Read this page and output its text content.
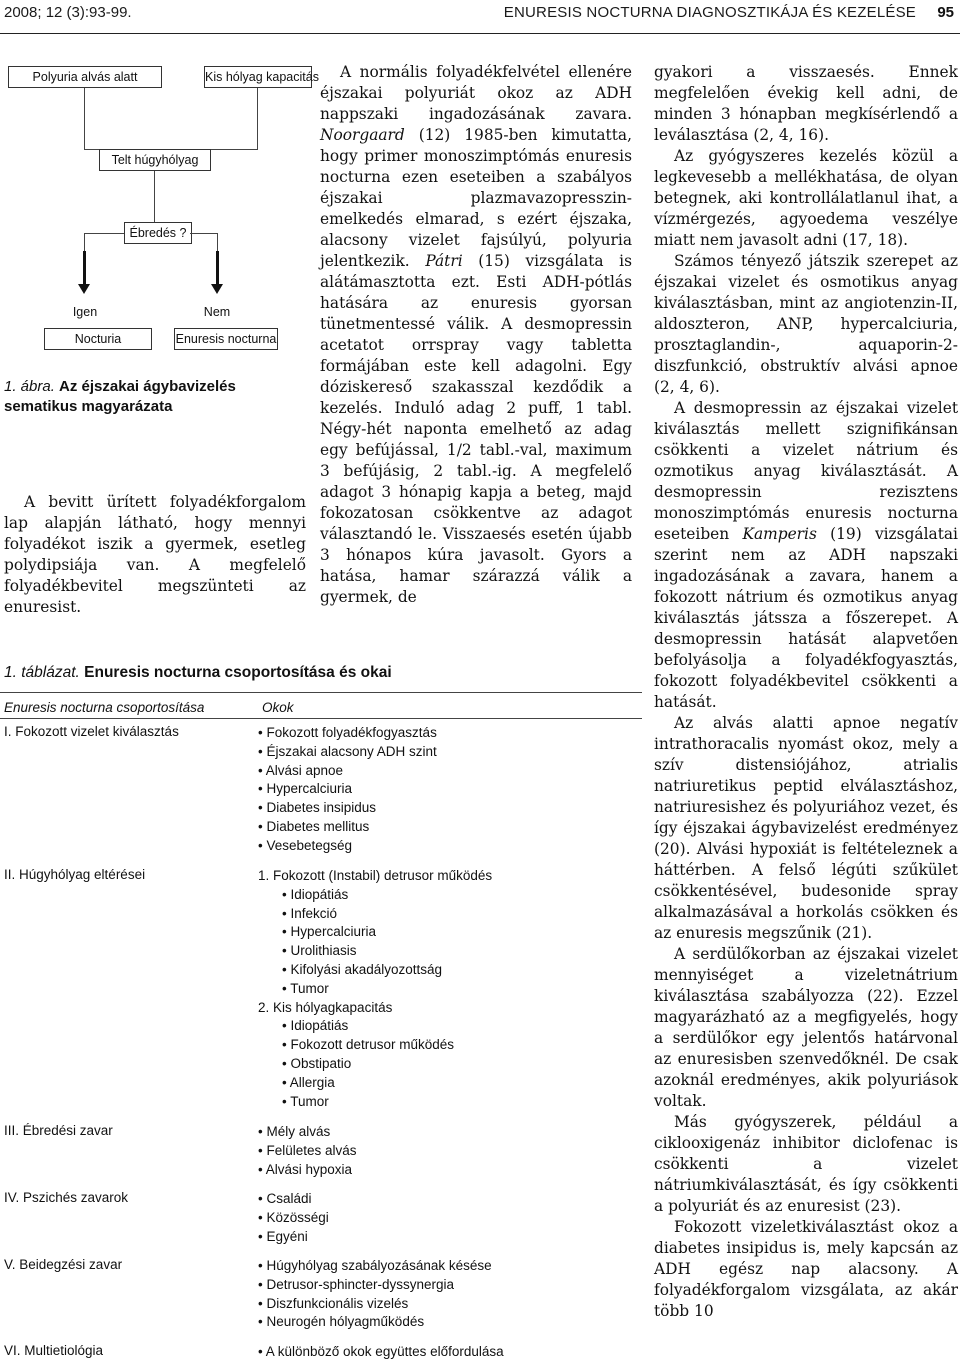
2008; 12 (3):93-99.	ENURESIS NOCTURNA DIAGNOSZTIKÁJA ÉS KEZELÉSE 95
Polyuria alvás alatt	Kis hólyag kapacitás
Telt húgyhólyag
Ébredés ?
Igen	Nem
Nocturia	Enuresis nocturna
1. ábra. Az éjszakai ágybavizelés sematikus magyarázata

A bevitt ürített folyadékforgalom lap alapján látható, hogy mennyi folyadékot iszik a gyermek, esetleg polydipsiája van. A megfelelő folyadékbevitel megszünteti az enuresist.

A normális folyadékfelvétel ellenére éjszakai polyuriát okoz az ADH nappszaki ingadozásának zavara. Noorgaard (12) 1985-ben kimutatta, hogy primer monoszimptómás enuresis nocturna ezen eseteiben a szabályos éjszakai plazmavazopresszin- emelkedés elmarad, s ezért éjszaka, alacsony vizelet fajsúlyú, polyuria jelentkezik. Pátri (15) vizsgálata is alátámasztotta ezt. Esti ADH-pótlás hatására az enuresis gyorsan tünetmentessé válik. A desmopressin acetatot orrspray vagy tabletta formájában este kell adagolni. Egy dóziskereső szakasszal kezdődik a kezelés. Induló adag 2 puff, 1 tabl. Négy-hét naponta emelhető az adag egy befújással, 1/2 tabl.-val, maximum 3 befújásig, 2 tabl.-ig. A megfelelő adagot 3 hónapig kapja a beteg, majd fokozatosan csökkentve az adagot választandó le. Visszaesés esetén újabb 3 hónapos kúra javasolt. Gyors a hatása, hamar szárazzá válik a gyermek, de

gyakori a visszaesés. Ennek megfelelően évekig kell adni, de minden 3 hónapban megkísérlendő a leválasztása (2, 4, 16).

Az gyógyszeres kezelés közül a legkevesebb a mellékhatása, de olyan betegnek, aki kontrollálatlanul ihat, a vízmérgezés, agyoedema veszélye miatt nem javasolt adni (17, 18).

Számos tényező játszik szerepet az éjszakai vizelet és osmotikus anyag kiválasztásban, mint az angiotenzin-II, aldoszteron, ANP, hypercalciuria, prosztaglandin-, aquaporin-2-diszfunkció, obstruktív alvási apnoe (2, 4, 6).

A desmopressin az éjszakai vizelet kiválasztás mellett szignifikánsan csökkenti a vizelet nátrium és ozmotikus anyag kiválasztását. A desmopressin rezisztens monoszimptómás enuresis nocturna eseteiben Kamperis (19) vizsgálatai szerint nem az ADH napszaki ingadozásának a zavara, hanem a fokozott nátrium és ozmotikus anyag kiválasztás játssza a főszerepet. A desmopressin hatását alapvetően befolyásolja a folyadékfogyasztás, fokozott folyadékbevitel csökkenti a hatását.

Az alvás alatti apnoe negatív intrathoracalis nyomást okoz, mely a szív distensiójához, atrialis natriuretikus peptid elválasztáshoz, natriuresishez és polyuriához vezet, és így éjszakai ágybavizelést eredményez (20). Alvási hypoxiát is feltételeznek a háttérben. A felső légúti szűkület csökkentésével, budesonide spray alkalmazásával a horkolás csökken és az enuresis megszűnik (21).

A serdülőkorban az éjszakai vizelet mennyiséget a vizeletnátrium kiválasztása szabályozza (22). Ezzel magyarázható az a megfigyelés, hogy a serdülőkor egy jelentős határvonal az enuresisben szenvedőknél. De csak azoknál eredményes, akik polyuriások voltak.

Más gyógyszerek, például a ciklooxigenáz inhibitor diclofenac is csökkenti a vizelet nátriumkiválasztását, és így csökkenti a polyuriát és az enuresist (23).

Fokozott vizeletkiválasztást okoz a diabetes insipidus is, mely kapcsán az ADH egész nap alacsony. A folyadékforgalom vizsgálata, az akár több 10

1. táblázat. Enuresis nocturna csoportosítása és okai
Enuresis nocturna csoportosítása	Okok
I. Fokozott vizelet kiválasztás	• Fokozott folyadékfogyasztás
• Éjszakai alacsony ADH szint
• Alvási apnoe
• Hypercalciuria
• Diabetes insipidus
• Diabetes mellitus
• Vesebetegség
II. Húgyhólyag eltérései	1. Fokozott (Instabil) detrusor működés
• Idiopátiás
• Infekció
• Hypercalciuria
• Urolithiasis
• Kifolyási akadályozottság
• Tumor
2. Kis hólyagkapacitás
• Idiopátiás
• Fokozott detrusor működés
• Obstipatio
• Allergia
• Tumor
III. Ébredési zavar	• Mély alvás
• Felületes alvás
• Alvási hypoxia
IV. Pszichés zavarok	• Családi
• Közösségi
• Egyéni
V. Beidegzési zavar	• Húgyhólyag szabályozásának késése
• Detrusor-sphincter-dyssynergia
• Diszfunkcionális vizelés
• Neurogén hólyagműködés
VI. Multietiológia	• A különböző okok együttes előfordulása
